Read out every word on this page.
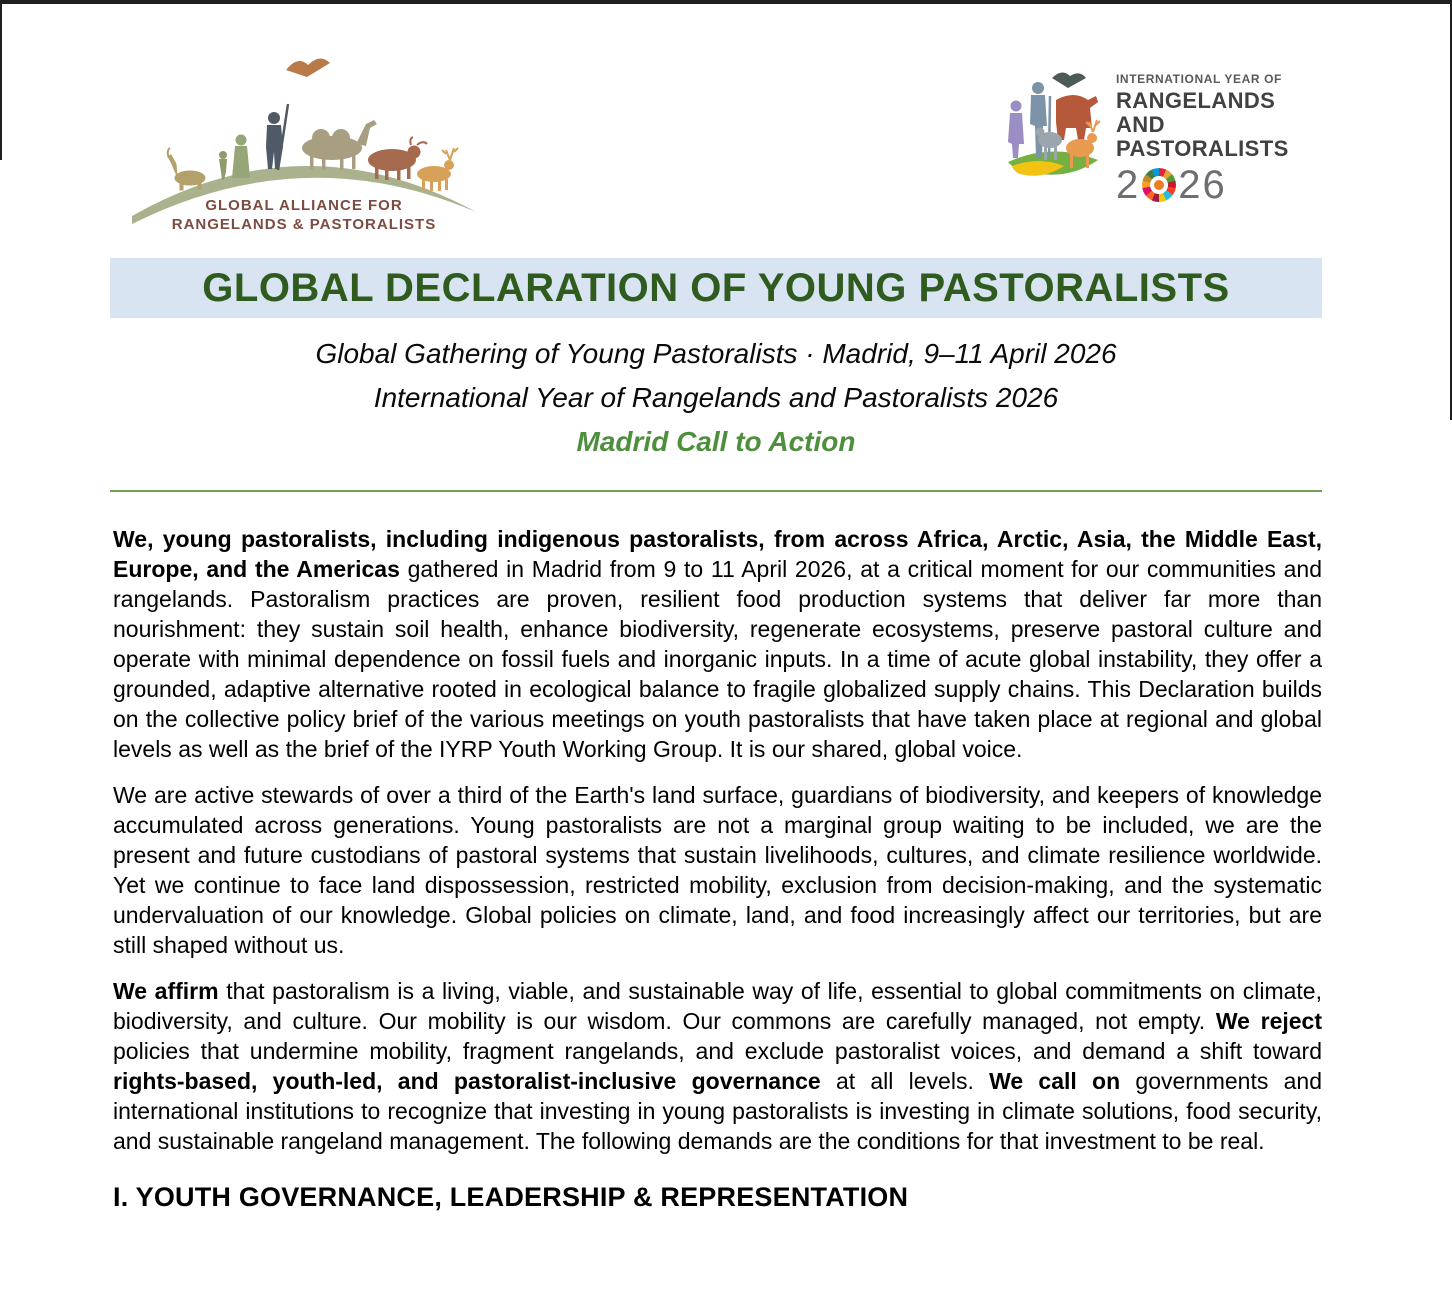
GLOBAL ALLIANCE FOR
RANGELANDS & PASTORALISTS
INTERNATIONAL YEAR OF
RANGELANDS AND
PASTORALISTS
2 26
GLOBAL DECLARATION OF YOUNG PASTORALISTS

Global Gathering of Young Pastoralists · Madrid, 9–11 April 2026

International Year of Rangelands and Pastoralists 2026

Madrid Call to Action

We, young pastoralists, including indigenous pastoralists, from across Africa, Arctic, Asia, the Middle East, Europe, and the Americas gathered in Madrid from 9 to 11 April 2026, at a critical moment for our communities and rangelands. Pastoralism practices are proven, resilient food production systems that deliver far more than nourishment: they sustain soil health, enhance biodiversity, regenerate ecosystems, preserve pastoral culture and operate with minimal dependence on fossil fuels and inorganic inputs. In a time of acute global instability, they offer a grounded, adaptive alternative rooted in ecological balance to fragile globalized supply chains. This Declaration builds on the collective policy brief of the various meetings on youth pastoralists that have taken place at regional and global levels as well as the brief of the IYRP Youth Working Group. It is our shared, global voice.

We are active stewards of over a third of the Earth's land surface, guardians of biodiversity, and keepers of knowledge accumulated across generations. Young pastoralists are not a marginal group waiting to be included, we are the present and future custodians of pastoral systems that sustain livelihoods, cultures, and climate resilience worldwide. Yet we continue to face land dispossession, restricted mobility, exclusion from decision-making, and the systematic undervaluation of our knowledge. Global policies on climate, land, and food increasingly affect our territories, but are still shaped without us.

We affirm that pastoralism is a living, viable, and sustainable way of life, essential to global commitments on climate, biodiversity, and culture. Our mobility is our wisdom. Our commons are carefully managed, not empty. We reject policies that undermine mobility, fragment rangelands, and exclude pastoralist voices, and demand a shift toward rights-based, youth-led, and pastoralist-inclusive governance at all levels. We call on governments and international institutions to recognize that investing in young pastoralists is investing in climate solutions, food security, and sustainable rangeland management. The following demands are the conditions for that investment to be real.

I. YOUTH GOVERNANCE, LEADERSHIP & REPRESENTATION
